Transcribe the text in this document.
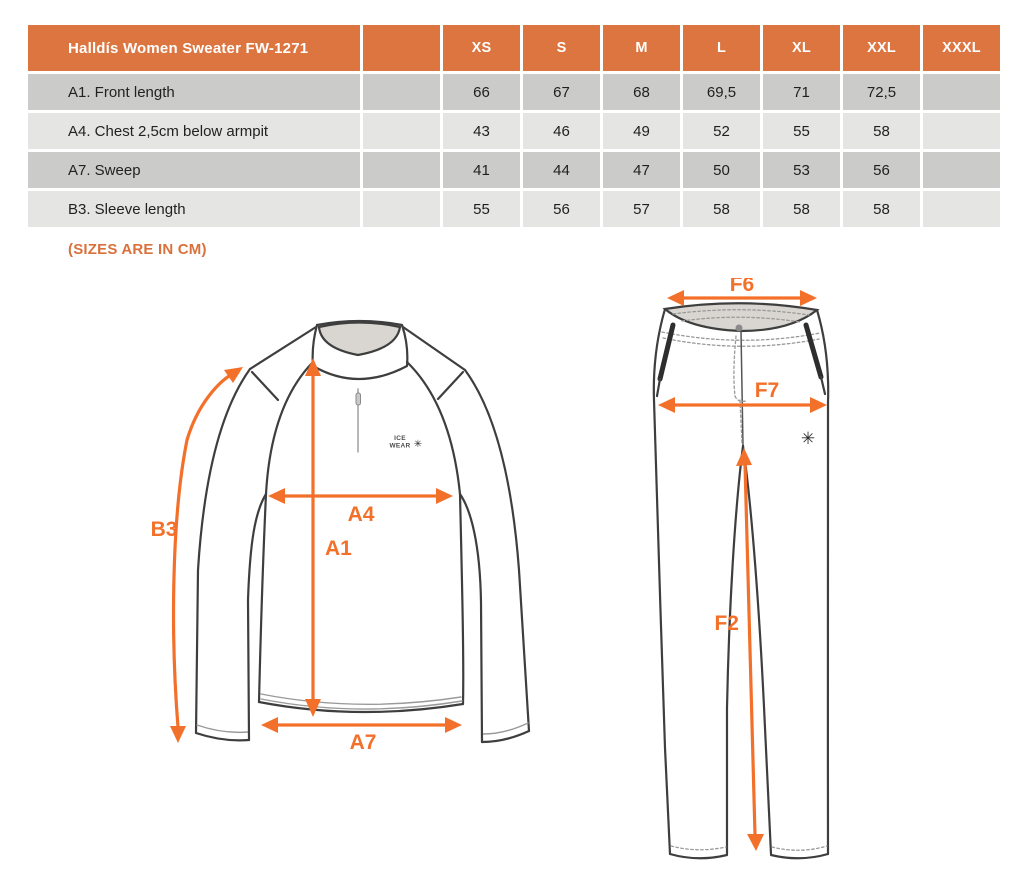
Halldís Women Sweater FW-1271		XS	S	M	L	XL	XXL	XXXL
A1. Front length		66	67	68	69,5	71	72,5	
A4. Chest 2,5cm below armpit		43	46	49	52	55	58	
A7. Sweep		41	44	47	50	53	56	
B3. Sleeve length		55	56	57	58	58	58	
(SIZES ARE IN CM)
ICE
WEAR ✳
A4
A1
A7
B3
✳
F6
F7
F2
